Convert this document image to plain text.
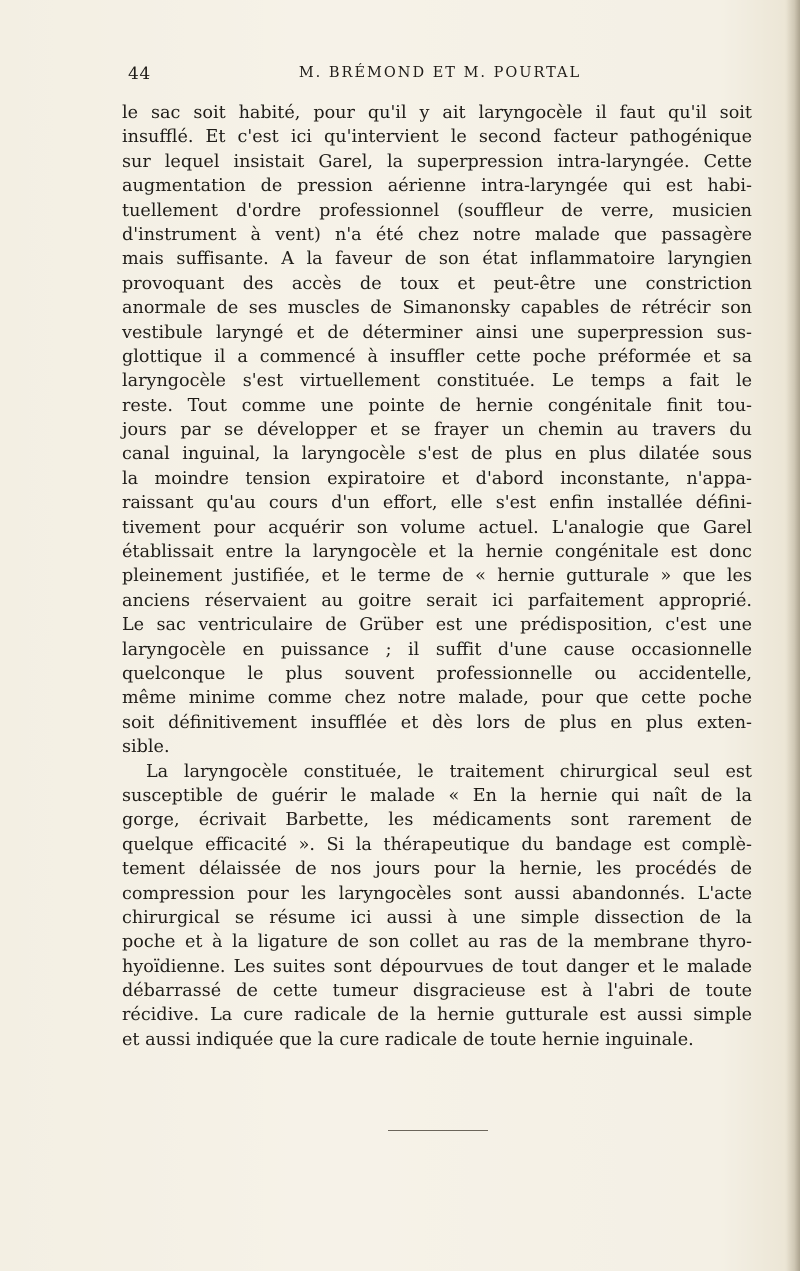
44	M. BRÉMOND ET M. POURTAL
le sac soit habité, pour qu'il y ait laryngocèle il faut qu'il soit
insufflé. Et c'est ici qu'intervient le second facteur pathogénique
sur lequel insistait Garel, la superpression intra-laryngée. Cette
augmentation de pression aérienne intra-laryngée qui est habi-
tuellement d'ordre professionnel (souffleur de verre, musicien
d'instrument à vent) n'a été chez notre malade que passagère
mais suffisante. A la faveur de son état inflammatoire laryngien
provoquant des accès de toux et peut-être une constriction
anormale de ses muscles de Simanonsky capables de rétrécir son
vestibule laryngé et de déterminer ainsi une superpression sus-
glottique il a commencé à insuffler cette poche préformée et sa
laryngocèle s'est virtuellement constituée. Le temps a fait le
reste. Tout comme une pointe de hernie congénitale finit tou-
jours par se développer et se frayer un chemin au travers du
canal inguinal, la laryngocèle s'est de plus en plus dilatée sous
la moindre tension expiratoire et d'abord inconstante, n'appa-
raissant qu'au cours d'un effort, elle s'est enfin installée défini-
tivement pour acquérir son volume actuel. L'analogie que Garel
établissait entre la laryngocèle et la hernie congénitale est donc
pleinement justifiée, et le terme de « hernie gutturale » que les
anciens réservaient au goitre serait ici parfaitement approprié.
Le sac ventriculaire de Grüber est une prédisposition, c'est une
laryngocèle en puissance ; il suffit d'une cause occasionnelle
quelconque le plus souvent professionnelle ou accidentelle,
même minime comme chez notre malade, pour que cette poche
soit définitivement insufflée et dès lors de plus en plus exten-
sible.
La laryngocèle constituée, le traitement chirurgical seul est
susceptible de guérir le malade « En la hernie qui naît de la
gorge, écrivait Barbette, les médicaments sont rarement de
quelque efficacité ». Si la thérapeutique du bandage est complè-
tement délaissée de nos jours pour la hernie, les procédés de
compression pour les laryngocèles sont aussi abandonnés. L'acte
chirurgical se résume ici aussi à une simple dissection de la
poche et à la ligature de son collet au ras de la membrane thyro-
hyoïdienne. Les suites sont dépourvues de tout danger et le malade
débarrassé de cette tumeur disgracieuse est à l'abri de toute
récidive. La cure radicale de la hernie gutturale est aussi simple
et aussi indiquée que la cure radicale de toute hernie inguinale.
